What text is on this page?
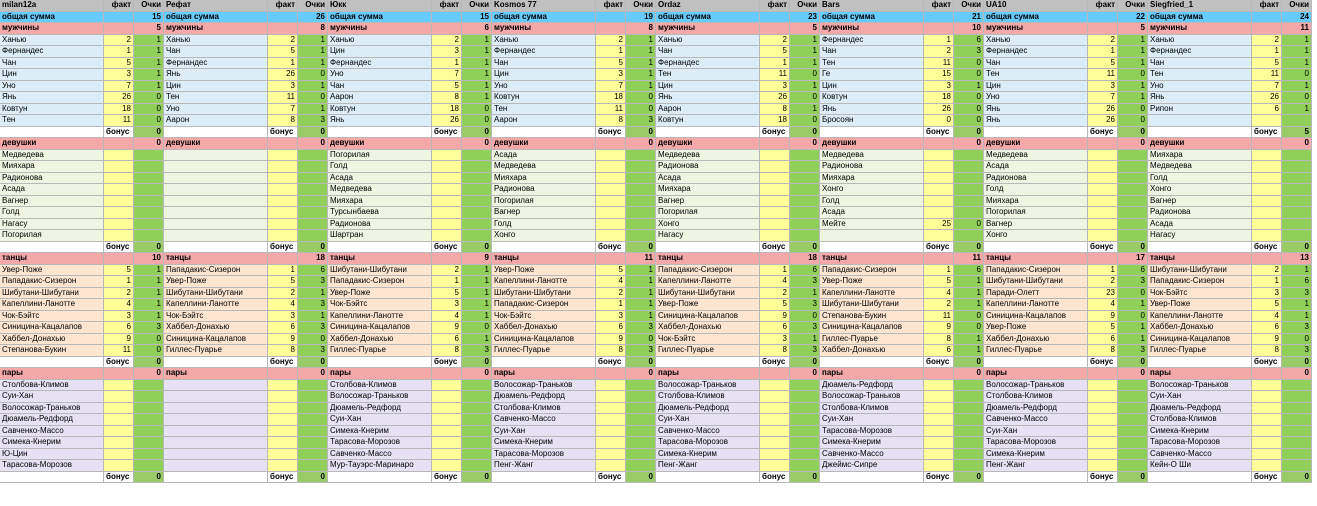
milan12a
общая сумма
мужчины
Ханью
Фернандес
Чан
Цин
Уно
Янь
Ковтун
Тен
девушки
Медведева
Мияхара
Радионова
Асада
Вагнер
Голд
Нагасу
Погорилая
танцы
Увер-Пожe
Пападакис-Сизерон
Шибутани-Шибутани
Капеллини-Ланотте
Чок-Бэйтс
Синицина-Кацалапов
Хаббел-Донахью
Степанова-Букин
пары
Столбова-Климов
Суи-Хан
Волосожар-Траньков
Дюамель-Редфорд
Савченко-Массо
Симека-Кнерим
Ю-Цин
Тарасова-Морозов
факт
2
1
5
3
7
26
18
11
бонус
бонус
5
1
2
4
3
6
9
11
бонус
бонус
Очки
15
5
1
1
1
1
1
0
0
0
0
0
0
10
1
1
1
1
1
3
0
0
0
0
0
Рефат
общая сумма
мужчины
Ханью
Чан
Фернандес
Янь
Цин
Тен
Уно
Аарон
девушки
танцы
Пападакис-Сизерон
Увер-Поже
Шибутани-Шибутани
Капеллини-Ланотте
Чок-Бэйтс
Хаббел-Донахью
Синицина-Кацалапов
Гиллес-Пуарье
пары
факт
2
5
1
26
3
11
7
8
бонус
бонус
1
5
2
4
3
6
9
8
бонус
бонус
Очки
26
8
1
1
1
0
1
0
1
3
0
0
0
18
6
3
1
3
1
3
0
3
0
0
0
Юкк
общая сумма
мужчины
Ханью
Цин
Фернандес
Уно
Чан
Аарон
Ковтун
Янь
девушки
Погорилая
Голд
Асада
Медведева
Мияхара
Турсынбаева
Радионова
Шартран
танцы
Шибутани-Шибутани
Пападакис-Сизерон
Увер-Поже
Чок-Бэйтс
Капеллини-Ланотте
Синицина-Кацалапов
Хаббел-Донахью
Гиллес-Пуарье
пары
Столбова-Климов
Волосожар-Траньков
Дюамель-Редфорд
Суи-Хан
Симека-Кнерим
Тарасова-Морозов
Савченко-Массо
Мур-Тауэрс-Маринаро
факт
2
3
1
7
5
8
18
26
бонус
бонус
2
1
5
3
4
9
6
8
бонус
бонус
Очки
15
6
1
1
1
1
1
1
0
0
0
0
0
9
1
1
1
1
1
0
1
3
0
0
0
Kosmos 77
общая сумма
мужчины
Ханью
Фернандес
Чан
Цин
Уно
Ковтун
Тен
Аарон
девушки
Асада
Медведева
Мияхара
Радионова
Погорилая
Вагнер
Голд
Хонго
танцы
Увер-Поже
Капеллини-Ланотте
Шибутани-Шибутани
Пападакис-Сизерон
Чок-Бэйтс
Хаббел-Донахью
Синицина-Кацалапов
Гиллес-Пуарье
пары
Волосожар-Траньков
Дюамель-Редфорд
Столбова-Климов
Савченко-Массо
Суи-Хан
Симека-Кнерим
Тарасова-Морозов
Пенг-Жанг
факт
2
1
5
3
7
18
11
8
бонус
бонус
5
4
2
1
3
6
9
8
бонус
бонус
Очки
19
8
1
1
1
1
1
0
0
3
0
0
0
11
1
1
1
1
1
3
0
3
0
0
0
Ordaz
общая сумма
мужчины
Ханью
Чан
Фернандес
Тен
Цин
Янь
Аарон
Ковтун
девушки
Медведева
Радионова
Асада
Мияхара
Вагнер
Погорилая
Хонго
Нагасу
танцы
Пападакис-Сизерон
Капеллини-Ланотте
Шибутани-Шибутани
Увер-Поже
Синицина-Кацалапов
Хаббел-Донахью
Чок-Бэйтс
Гиллес-Пуарье
пары
Волосожар-Траньков
Столбова-Климов
Дюамель-Редфорд
Суи-Хан
Савченко-Массо
Тарасова-Морозов
Симека-Кнерим
Пенг-Жанг
факт
2
5
1
11
3
26
8
18
бонус
бонус
1
4
2
5
9
6
3
8
бонус
бонус
Очки
23
5
1
1
1
0
1
0
1
0
0
0
0
18
6
3
1
3
0
3
1
3
0
0
0
Bars
общая сумма
мужчины
Фернандес
Чан
Тен
Ге
Цин
Ковтун
Янь
Бросоян
девушки
Медведева
Радионова
Мияхара
Хонго
Голд
Асада
Мейте
танцы
Пападакис-Сизерон
Увер-Поже
Капеллини-Ланотте
Шибутани-Шибутани
Степанова-Букин
Синицина-Кацалапов
Гиллес-Пуарье
Хаббел-Донахью
пары
Дюамель-Редфорд
Волосожар-Траньков
Столбова-Климов
Суи-Хан
Тарасова-Морозов
Симека-Кнерим
Савченко-Массо
Джеймс-Сипре
факт
1
2
11
15
3
18
26
0
бонус
25
бонус
1
5
4
2
11
9
8
6
бонус
бонус
Очки
21
10
6
3
0
0
1
0
0
0
0
0
0
0
11
6
1
1
1
0
0
1
1
0
0
0
UA10
общая сумма
мужчины
Ханью
Фернандес
Чан
Тен
Цин
Уно
Янь
Янь
девушки
Медведева
Асада
Радионова
Голд
Мияхара
Погорилая
Вагнер
Хонго
танцы
Пападакис-Сизерон
Шибутани-Шибутани
Паради-Олетт
Капеллини-Ланотте
Синицина-Кацалапов
Увер-Поже
Хаббел-Донахью
Гиллес-Пуарье
пары
Волосожар-Траньков
Столбова-Климов
Дюамель-Редфорд
Савченко-Массо
Суи-Хан
Тарасова-Морозов
Симека-Кнерим
Пенг-Жанг
факт
2
1
5
11
3
7
26
26
бонус
бонус
1
2
23
4
9
5
6
8
бонус
бонус
Очки
22
5
1
1
1
0
1
1
0
0
0
0
0
17
6
3
0
1
0
1
1
3
0
0
0
Siegfried_1
общая сумма
мужчины
Ханью
Фернандес
Чан
Тен
Уно
Янь
Рипон
девушки
Мияхара
Медведева
Голд
Хонго
Вагнер
Радионова
Асада
Нагасу
танцы
Шибутани-Шибутани
Пападакис-Сизерон
Чок-Бэйтс
Увер-Поже
Капеллини-Ланотте
Хаббел-Донахью
Синицина-Кацалапов
Гиллес-Пуарье
пары
Волосожар-Траньков
Суи-Хан
Дюамель-Редфорд
Столбова-Климов
Симека-Кнерим
Тарасова-Морозов
Савченко-Массо
Кейн-О Ши
факт
2
1
5
11
7
26
6
бонус
бонус
2
1
3
5
4
6
9
8
бонус
бонус
Очки
24
11
1
1
1
0
1
0
1
5
0
0
13
1
6
3
1
1
3
0
3
0
0
0
